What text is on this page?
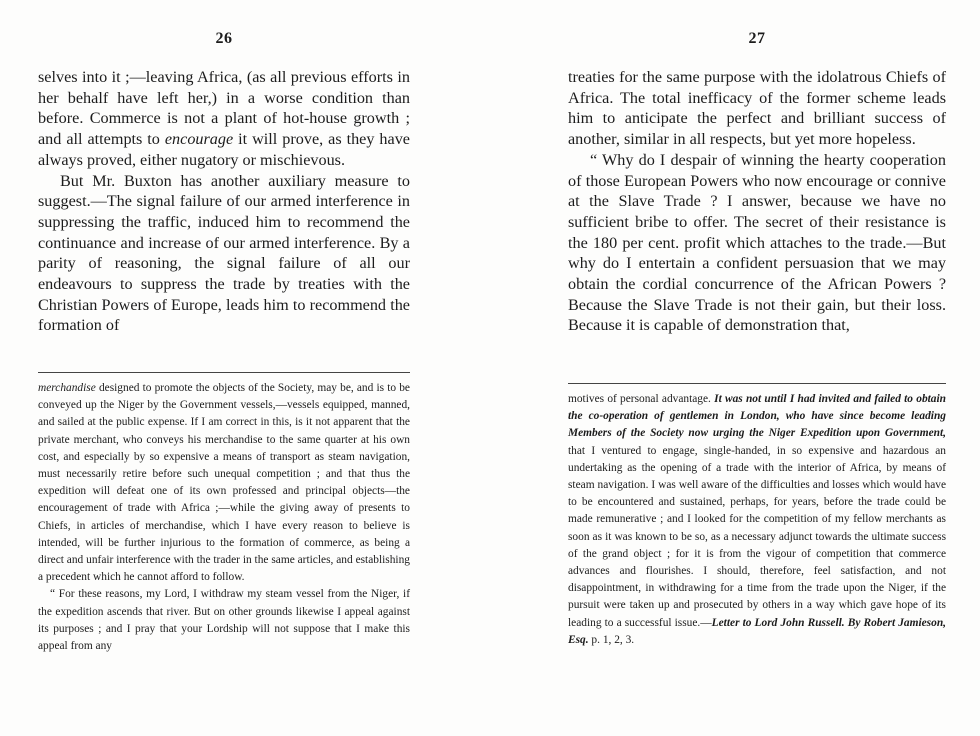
26

selves into it ;—leaving Africa, (as all previous efforts in her behalf have left her,) in a worse condition than before. Commerce is not a plant of hot-house growth ; and all attempts to encourage it will prove, as they have always proved, either nugatory or mischievous.

But Mr. Buxton has another auxiliary measure to suggest.—The signal failure of our armed interference in suppressing the traffic, induced him to recommend the continuance and increase of our armed interference. By a parity of reasoning, the signal failure of all our endeavours to suppress the trade by treaties with the Christian Powers of Europe, leads him to recommend the formation of

merchandise designed to promote the objects of the Society, may be, and is to be conveyed up the Niger by the Government vessels,—vessels equipped, manned, and sailed at the public expense. If I am correct in this, is it not apparent that the private merchant, who conveys his merchandise to the same quarter at his own cost, and especially by so expensive a means of transport as steam navigation, must necessarily retire before such unequal competition ; and that thus the expedition will defeat one of its own professed and principal objects—the encouragement of trade with Africa ;—while the giving away of presents to Chiefs, in articles of merchandise, which I have every reason to believe is intended, will be further injurious to the formation of commerce, as being a direct and unfair interference with the trader in the same articles, and establishing a precedent which he cannot afford to follow.

“ For these reasons, my Lord, I withdraw my steam vessel from the Niger, if the expedition ascends that river. But on other grounds likewise I appeal against its purposes ; and I pray that your Lordship will not suppose that I make this appeal from any

27

treaties for the same purpose with the idolatrous Chiefs of Africa. The total inefficacy of the former scheme leads him to anticipate the perfect and brilliant success of another, similar in all respects, but yet more hopeless.

“ Why do I despair of winning the hearty cooperation of those European Powers who now encourage or connive at the Slave Trade ? I answer, because we have no sufficient bribe to offer. The secret of their resistance is the 180 per cent. profit which attaches to the trade.—But why do I entertain a confident persuasion that we may obtain the cordial concurrence of the African Powers ? Because the Slave Trade is not their gain, but their loss. Because it is capable of demonstration that,

motives of personal advantage. It was not until I had invited and failed to obtain the co-operation of gentlemen in London, who have since become leading Members of the Society now urging the Niger Expedition upon Government, that I ventured to engage, single-handed, in so expensive and hazardous an undertaking as the opening of a trade with the interior of Africa, by means of steam navigation. I was well aware of the difficulties and losses which would have to be encountered and sustained, perhaps, for years, before the trade could be made remunerative ; and I looked for the competition of my fellow merchants as soon as it was known to be so, as a necessary adjunct towards the ultimate success of the grand object ; for it is from the vigour of competition that commerce advances and flourishes. I should, therefore, feel satisfaction, and not disappointment, in withdrawing for a time from the trade upon the Niger, if the pursuit were taken up and prosecuted by others in a way which gave hope of its leading to a successful issue.—Letter to Lord John Russell. By Robert Jamieson, Esq. p. 1, 2, 3.
